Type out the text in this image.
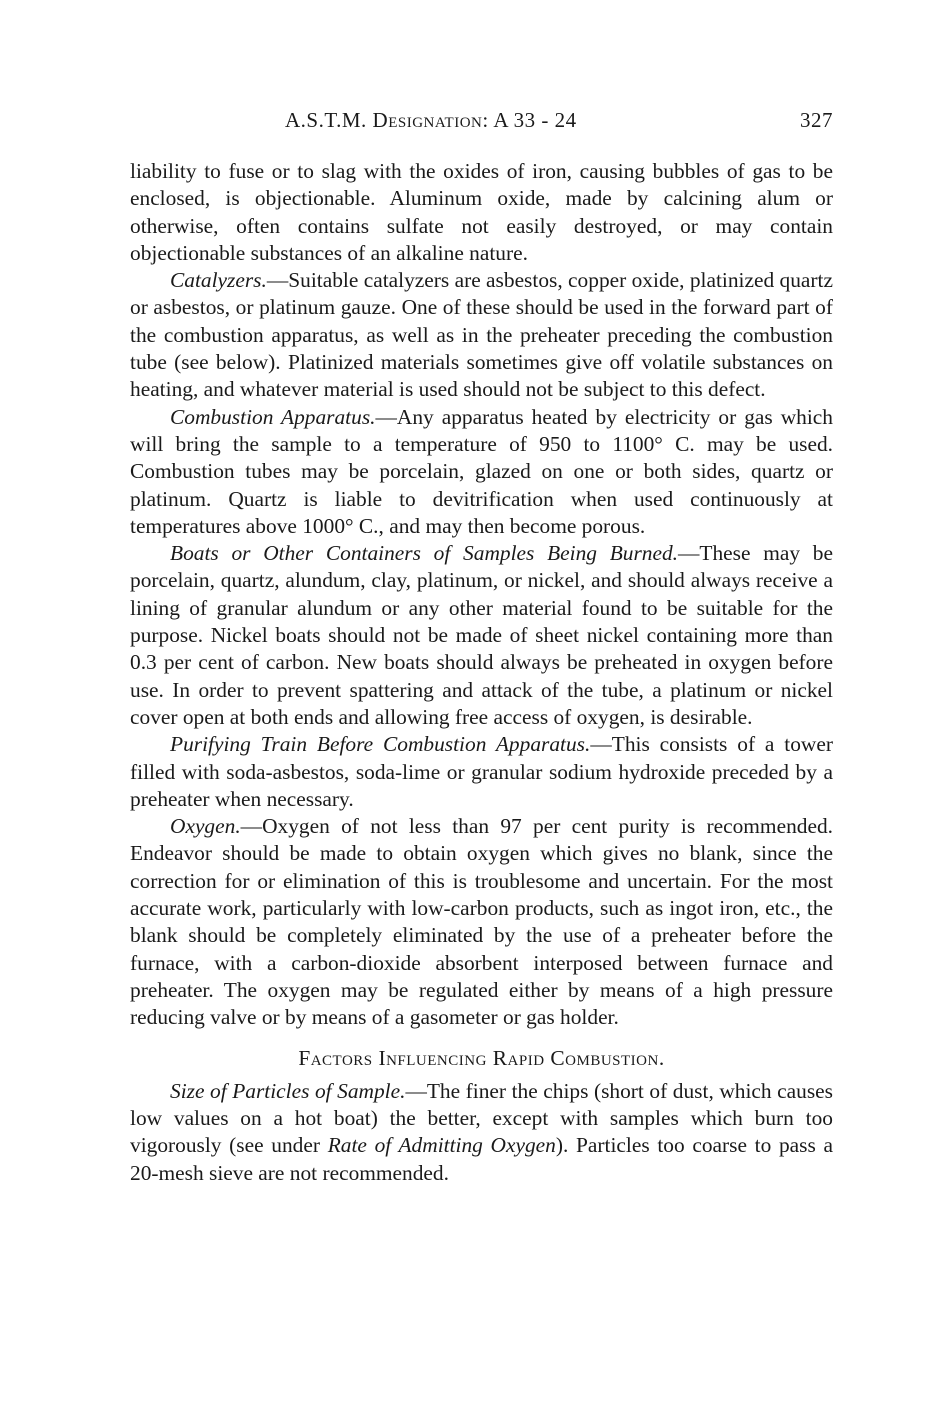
A.S.T.M. Designation: A 33 - 24	327

liability to fuse or to slag with the oxides of iron, causing bubbles of gas to be enclosed, is objectionable. Aluminum oxide, made by calcining alum or otherwise, often contains sulfate not easily destroyed, or may contain objectionable substances of an alkaline nature.

Catalyzers.—Suitable catalyzers are asbestos, copper oxide, platinized quartz or asbestos, or platinum gauze. One of these should be used in the forward part of the combustion apparatus, as well as in the preheater preceding the combustion tube (see below). Platinized materials sometimes give off volatile substances on heating, and whatever material is used should not be subject to this defect.

Combustion Apparatus.—Any apparatus heated by electricity or gas which will bring the sample to a temperature of 950 to 1100° C. may be used. Combustion tubes may be porcelain, glazed on one or both sides, quartz or platinum. Quartz is liable to devitrification when used continuously at temperatures above 1000° C., and may then become porous.

Boats or Other Containers of Samples Being Burned.—These may be porcelain, quartz, alundum, clay, platinum, or nickel, and should always receive a lining of granular alundum or any other material found to be suitable for the purpose. Nickel boats should not be made of sheet nickel containing more than 0.3 per cent of carbon. New boats should always be preheated in oxygen before use. In order to prevent spattering and attack of the tube, a platinum or nickel cover open at both ends and allowing free access of oxygen, is desirable.

Purifying Train Before Combustion Apparatus.—This consists of a tower filled with soda-asbestos, soda-lime or granular sodium hydroxide preceded by a preheater when necessary.

Oxygen.—Oxygen of not less than 97 per cent purity is recommended. Endeavor should be made to obtain oxygen which gives no blank, since the correction for or elimination of this is troublesome and uncertain. For the most accurate work, particularly with low-carbon products, such as ingot iron, etc., the blank should be completely eliminated by the use of a preheater before the furnace, with a carbon-dioxide absorbent interposed between furnace and preheater. The oxygen may be regulated either by means of a high pressure reducing valve or by means of a gasometer or gas holder.

Factors Influencing Rapid Combustion.

Size of Particles of Sample.—The finer the chips (short of dust, which causes low values on a hot boat) the better, except with samples which burn too vigorously (see under Rate of Admitting Oxygen). Particles too coarse to pass a 20-mesh sieve are not recommended.
